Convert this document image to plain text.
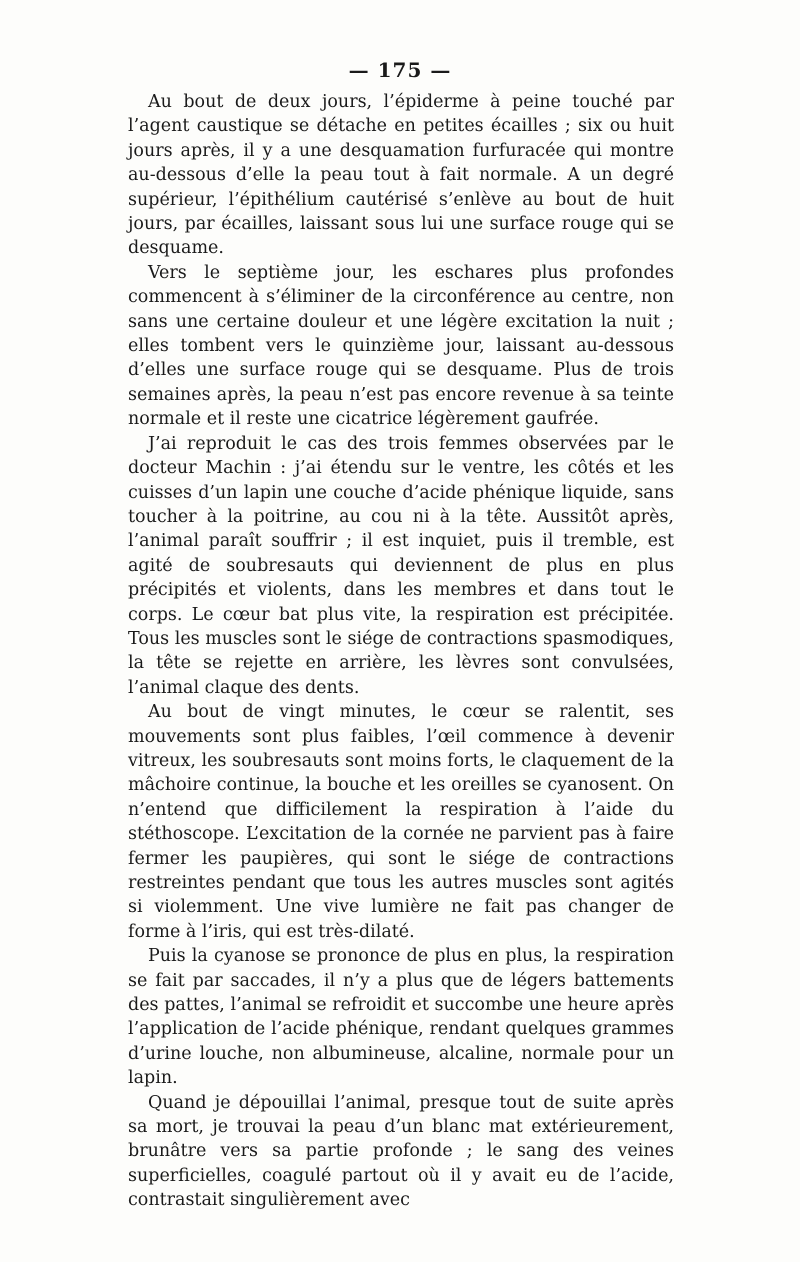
— 175 —

Au bout de deux jours, l’épiderme à peine touché par l’agent caustique se détache en petites écailles ; six ou huit jours après, il y a une desquamation furfuracée qui montre au-dessous d’elle la peau tout à fait normale. A un degré supérieur, l’épithélium cautérisé s’enlève au bout de huit jours, par écailles, laissant sous lui une surface rouge qui se desquame.

Vers le septième jour, les eschares plus profondes commencent à s’éliminer de la circonférence au centre, non sans une certaine douleur et une légère excitation la nuit ; elles tombent vers le quinzième jour, laissant au-dessous d’elles une surface rouge qui se desquame. Plus de trois semaines après, la peau n’est pas encore revenue à sa teinte normale et il reste une cicatrice légèrement gaufrée.

J’ai reproduit le cas des trois femmes observées par le docteur Machin : j’ai étendu sur le ventre, les côtés et les cuisses d’un lapin une couche d’acide phénique liquide, sans toucher à la poitrine, au cou ni à la tête. Aussitôt après, l’animal paraît souffrir ; il est inquiet, puis il tremble, est agité de soubresauts qui deviennent de plus en plus précipités et violents, dans les membres et dans tout le corps. Le cœur bat plus vite, la respiration est précipitée. Tous les muscles sont le siége de contractions spasmodiques, la tête se rejette en arrière, les lèvres sont convulsées, l’animal claque des dents.

Au bout de vingt minutes, le cœur se ralentit, ses mouvements sont plus faibles, l’œil commence à devenir vitreux, les soubresauts sont moins forts, le claquement de la mâchoire continue, la bouche et les oreilles se cyanosent. On n’entend que difficilement la respiration à l’aide du stéthoscope. L’excitation de la cornée ne parvient pas à faire fermer les paupières, qui sont le siége de contractions restreintes pendant que tous les autres muscles sont agités si violemment. Une vive lumière ne fait pas changer de forme à l’iris, qui est très-dilaté.

Puis la cyanose se prononce de plus en plus, la respiration se fait par saccades, il n’y a plus que de légers battements des pattes, l’animal se refroidit et succombe une heure après l’application de l’acide phénique, rendant quelques grammes d’urine louche, non albumineuse, alcaline, normale pour un lapin.

Quand je dépouillai l’animal, presque tout de suite après sa mort, je trouvai la peau d’un blanc mat extérieurement, brunâtre vers sa partie profonde ; le sang des veines superficielles, coagulé partout où il y avait eu de l’acide, contrastait singulièrement avec
